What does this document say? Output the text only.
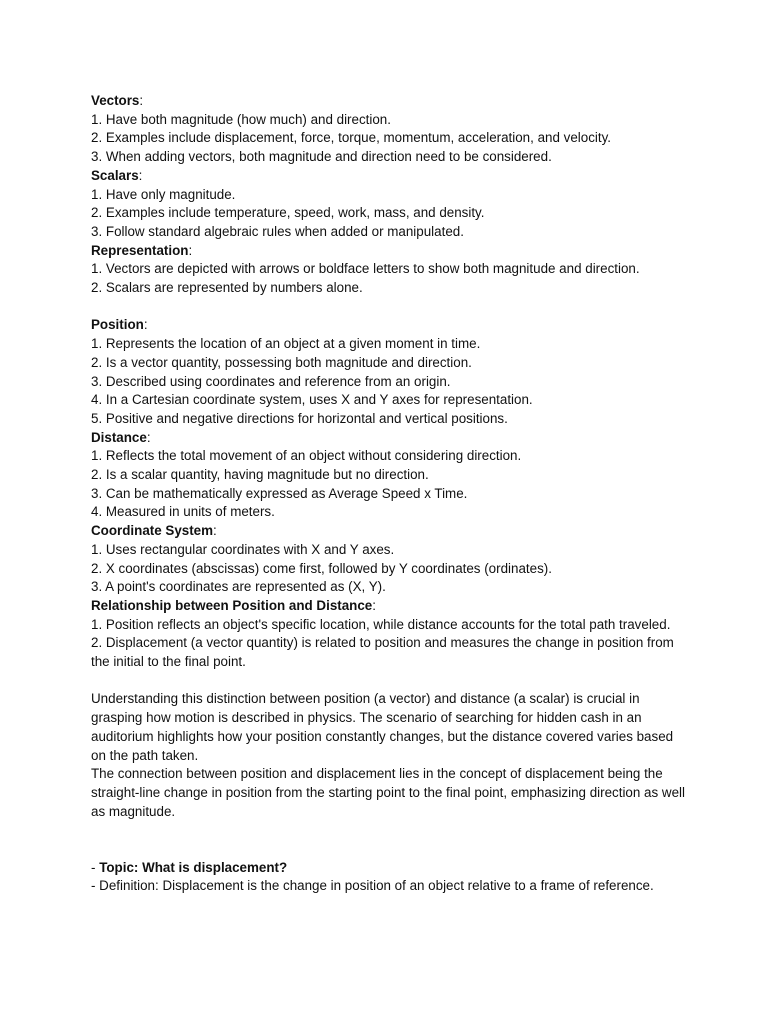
Vectors:
1. Have both magnitude (how much) and direction.
2. Examples include displacement, force, torque, momentum, acceleration, and velocity.
3. When adding vectors, both magnitude and direction need to be considered.
Scalars:
1. Have only magnitude.
2. Examples include temperature, speed, work, mass, and density.
3. Follow standard algebraic rules when added or manipulated.
Representation:
1. Vectors are depicted with arrows or boldface letters to show both magnitude and direction.
2. Scalars are represented by numbers alone.
Position:
1. Represents the location of an object at a given moment in time.
2. Is a vector quantity, possessing both magnitude and direction.
3. Described using coordinates and reference from an origin.
4. In a Cartesian coordinate system, uses X and Y axes for representation.
5. Positive and negative directions for horizontal and vertical positions.
Distance:
1. Reflects the total movement of an object without considering direction.
2. Is a scalar quantity, having magnitude but no direction.
3. Can be mathematically expressed as Average Speed x Time.
4. Measured in units of meters.
Coordinate System:
1. Uses rectangular coordinates with X and Y axes.
2. X coordinates (abscissas) come first, followed by Y coordinates (ordinates).
3. A point's coordinates are represented as (X, Y).
Relationship between Position and Distance:
1. Position reflects an object's specific location, while distance accounts for the total path traveled.
2. Displacement (a vector quantity) is related to position and measures the change in position from the initial to the final point.
Understanding this distinction between position (a vector) and distance (a scalar) is crucial in grasping how motion is described in physics. The scenario of searching for hidden cash in an auditorium highlights how your position constantly changes, but the distance covered varies based on the path taken.
The connection between position and displacement lies in the concept of displacement being the straight-line change in position from the starting point to the final point, emphasizing direction as well as magnitude.
- Topic: What is displacement?
- Definition: Displacement is the change in position of an object relative to a frame of reference.
